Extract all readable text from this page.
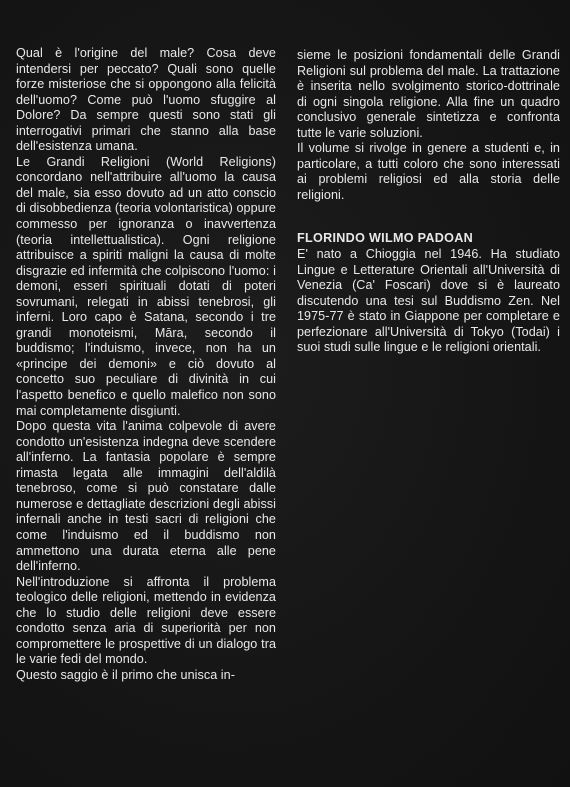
Qual è l'origine del male? Cosa deve intendersi per peccato? Quali sono quelle forze misteriose che si oppongono alla felicità dell'uomo? Come può l'uomo sfuggire al Dolore? Da sempre questi sono stati gli interrogativi primari che stanno alla base dell'esistenza umana.

Le Grandi Religioni (World Religions) concordano nell'attribuire all'uomo la causa del male, sia esso dovuto ad un atto conscio di disobbedienza (teoria volontaristica) oppure commesso per ignoranza o inavvertenza (teoria intellettualistica). Ogni religione attribuisce a spiriti maligni la causa di molte disgrazie ed infermità che colpiscono l'uomo: i demoni, esseri spirituali dotati di poteri sovrumani, relegati in abissi tenebrosi, gli inferni. Loro capo è Satana, secondo i tre grandi monoteismi, Māra, secondo il buddismo; l'induismo, invece, non ha un «principe dei demoni» e ciò dovuto al concetto suo peculiare di divinità in cui l'aspetto benefico e quello malefico non sono mai completamente disgiunti.

Dopo questa vita l'anima colpevole di avere condotto un'esistenza indegna deve scendere all'inferno. La fantasia popolare è sempre rimasta legata alle immagini dell'aldilà tenebroso, come si può constatare dalle numerose e dettagliate descrizioni degli abissi infernali anche in testi sacri di religioni che come l'induismo ed il buddismo non ammettono una durata eterna alle pene dell'inferno.

Nell'introduzione si affronta il problema teologico delle religioni, mettendo in evidenza che lo studio delle religioni deve essere condotto senza aria di superiorità per non compromettere le prospettive di un dialogo tra le varie fedi del mondo.

Questo saggio è il primo che unisca in-

sieme le posizioni fondamentali delle Grandi Religioni sul problema del male. La trattazione è inserita nello svolgimento storico-dottrinale di ogni singola religione. Alla fine un quadro conclusivo generale sintetizza e confronta tutte le varie soluzioni.

Il volume si rivolge in genere a studenti e, in particolare, a tutti coloro che sono interessati ai problemi religiosi ed alla storia delle religioni.

FLORINDO WILMO PADOAN

E' nato a Chioggia nel 1946. Ha studiato Lingue e Letterature Orientali all'Università di Venezia (Ca' Foscari) dove si è laureato discutendo una tesi sul Buddismo Zen. Nel 1975-77 è stato in Giappone per completare e perfezionare all'Università di Tokyo (Todai) i suoi studi sulle lingue e le religioni orientali.
